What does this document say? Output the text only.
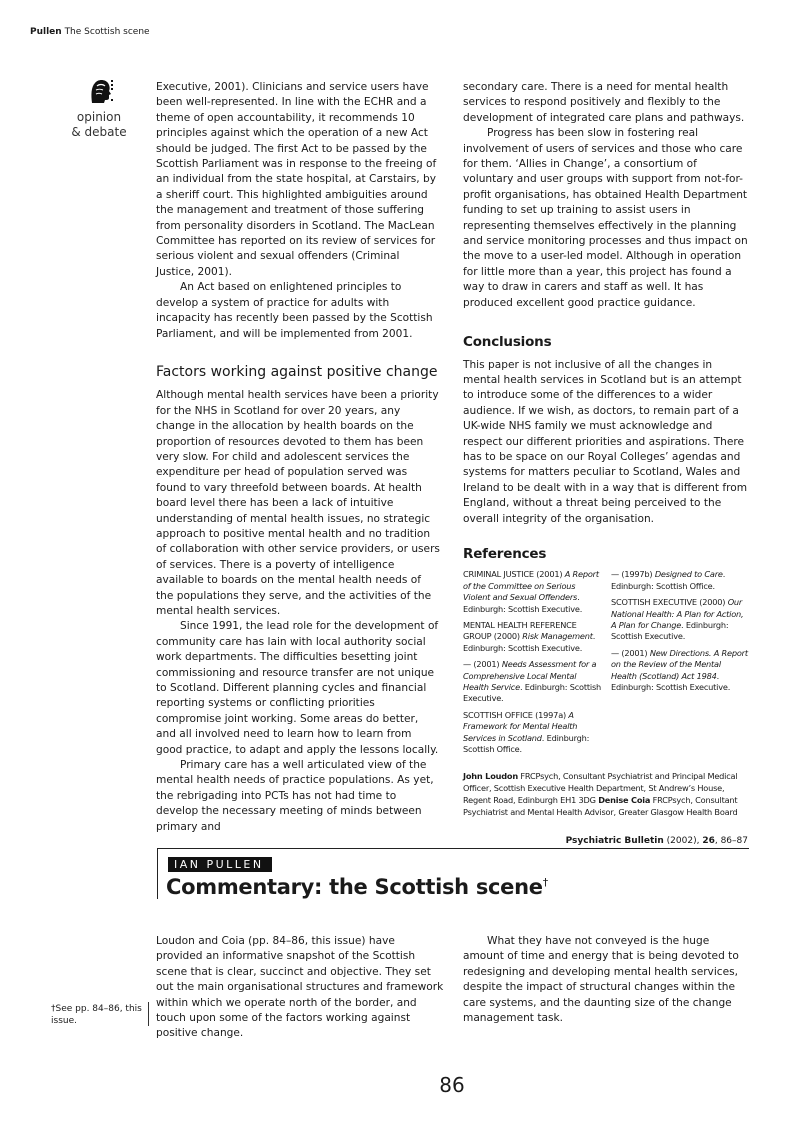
Pullen The Scottish scene
opinion
& debate

Executive, 2001). Clinicians and service users have been well-represented. In line with the ECHR and a theme of open accountability, it recommends 10 principles against which the operation of a new Act should be judged. The first Act to be passed by the Scottish Parliament was in response to the freeing of an individual from the state hospital, at Carstairs, by a sheriff court. This highlighted ambiguities around the management and treatment of those suffering from personality disorders in Scotland. The MacLean Committee has reported on its review of services for serious violent and sexual offenders (Criminal Justice, 2001).

An Act based on enlightened principles to develop a system of practice for adults with incapacity has recently been passed by the Scottish Parliament, and will be implemented from 2001.

Factors working against positive change

Although mental health services have been a priority for the NHS in Scotland for over 20 years, any change in the allocation by health boards on the proportion of resources devoted to them has been very slow. For child and adolescent services the expenditure per head of population served was found to vary threefold between boards. At health board level there has been a lack of intuitive understanding of mental health issues, no strategic approach to positive mental health and no tradition of collaboration with other service providers, or users of services. There is a poverty of intelligence available to boards on the mental health needs of the populations they serve, and the activities of the mental health services.

Since 1991, the lead role for the development of community care has lain with local authority social work departments. The difficulties besetting joint commissioning and resource transfer are not unique to Scotland. Different planning cycles and financial reporting systems or conflicting priorities compromise joint working. Some areas do better, and all involved need to learn how to learn from good practice, to adapt and apply the lessons locally.

Primary care has a well articulated view of the mental health needs of practice populations. As yet, the rebrigading into PCTs has not had time to develop the necessary meeting of minds between primary and

secondary care. There is a need for mental health services to respond positively and flexibly to the development of integrated care plans and pathways.

Progress has been slow in fostering real involvement of users of services and those who care for them. ‘Allies in Change’, a consortium of voluntary and user groups with support from not-for-profit organisations, has obtained Health Department funding to set up training to assist users in representing themselves effectively in the planning and service monitoring processes and thus impact on the move to a user-led model. Although in operation for little more than a year, this project has found a way to draw in carers and staff as well. It has produced excellent good practice guidance.

Conclusions

This paper is not inclusive of all the changes in mental health services in Scotland but is an attempt to introduce some of the differences to a wider audience. If we wish, as doctors, to remain part of a UK-wide NHS family we must acknowledge and respect our different priorities and aspirations. There has to be space on our Royal Colleges’ agendas and systems for matters peculiar to Scotland, Wales and Ireland to be dealt with in a way that is different from England, without a threat being perceived to the overall integrity of the organisation.

References

CRIMINAL JUSTICE (2001) A Report of the Committee on Serious Violent and Sexual Offenders. Edinburgh: Scottish Executive.

MENTAL HEALTH REFERENCE GROUP (2000) Risk Management. Edinburgh: Scottish Executive.

— (2001) Needs Assessment for a Comprehensive Local Mental Health Service. Edinburgh: Scottish Executive.

SCOTTISH OFFICE (1997a) A Framework for Mental Health Services in Scotland. Edinburgh: Scottish Office.

— (1997b) Designed to Care. Edinburgh: Scottish Office.

SCOTTISH EXECUTIVE (2000) Our National Health: A Plan for Action, A Plan for Change. Edinburgh: Scottish Executive.

— (2001) New Directions. A Report on the Review of the Mental Health (Scotland) Act 1984. Edinburgh: Scottish Executive.

John Loudon FRCPsych, Consultant Psychiatrist and Principal Medical Officer, Scottish Executive Health Department, St Andrew’s House, Regent Road, Edinburgh EH1 3DG Denise Coia FRCPsych, Consultant Psychiatrist and Mental Health Advisor, Greater Glasgow Health Board
Psychiatric Bulletin (2002), 26, 86–87
IAN PULLEN
Commentary: the Scottish scene†

Loudon and Coia (pp. 84–86, this issue) have provided an informative snapshot of the Scottish scene that is clear, succinct and objective. They set out the main organisational structures and framework within which we operate north of the border, and touch upon some of the factors working against positive change.

What they have not conveyed is the huge amount of time and energy that is being devoted to redesigning and developing mental health services, despite the impact of structural changes within the care systems, and the daunting size of the change management task.

†See pp. 84–86, this issue.
86
